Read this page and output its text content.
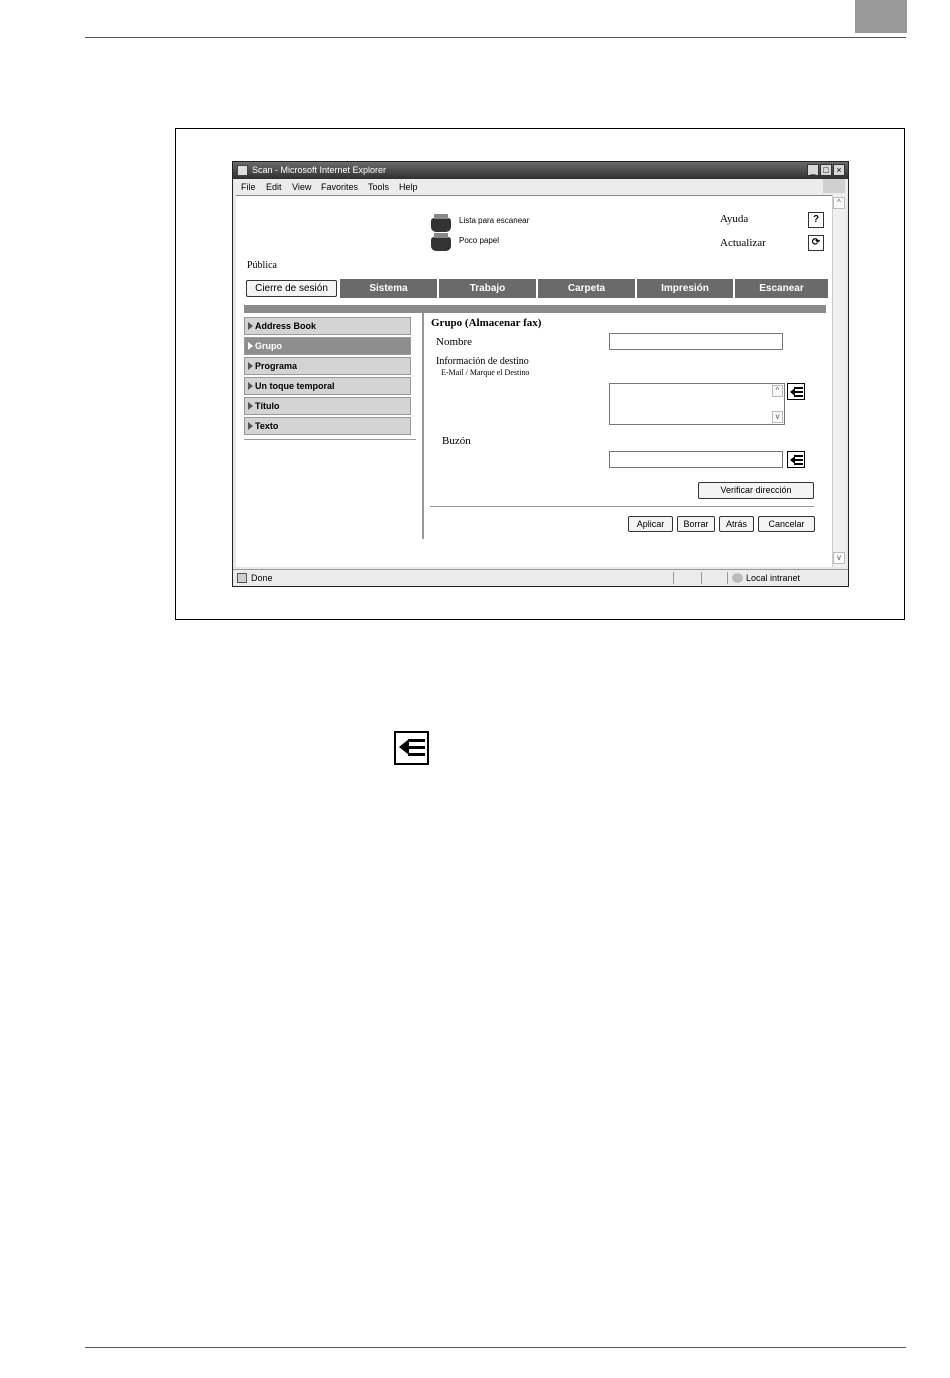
Scan - Microsoft Internet Explorer	_ □ ×
File Edit View Favorites Tools Help
Lista para escanear
Poco papel
Ayuda	?
Actualizar	⟳
Pública
Cierre de sesión	Sistema	Trabajo	Carpeta	Impresión	Escanear
Address Book
Grupo
Programa
Un toque temporal
Título
Texto
Grupo (Almacenar fax)
Nombre
Información de destino
E-Mail / Marque el Destino
^
v
Buzón
Verificar dirección
Aplicar	Borrar	Atrás	Cancelar
^
v
Done	Local intranet
